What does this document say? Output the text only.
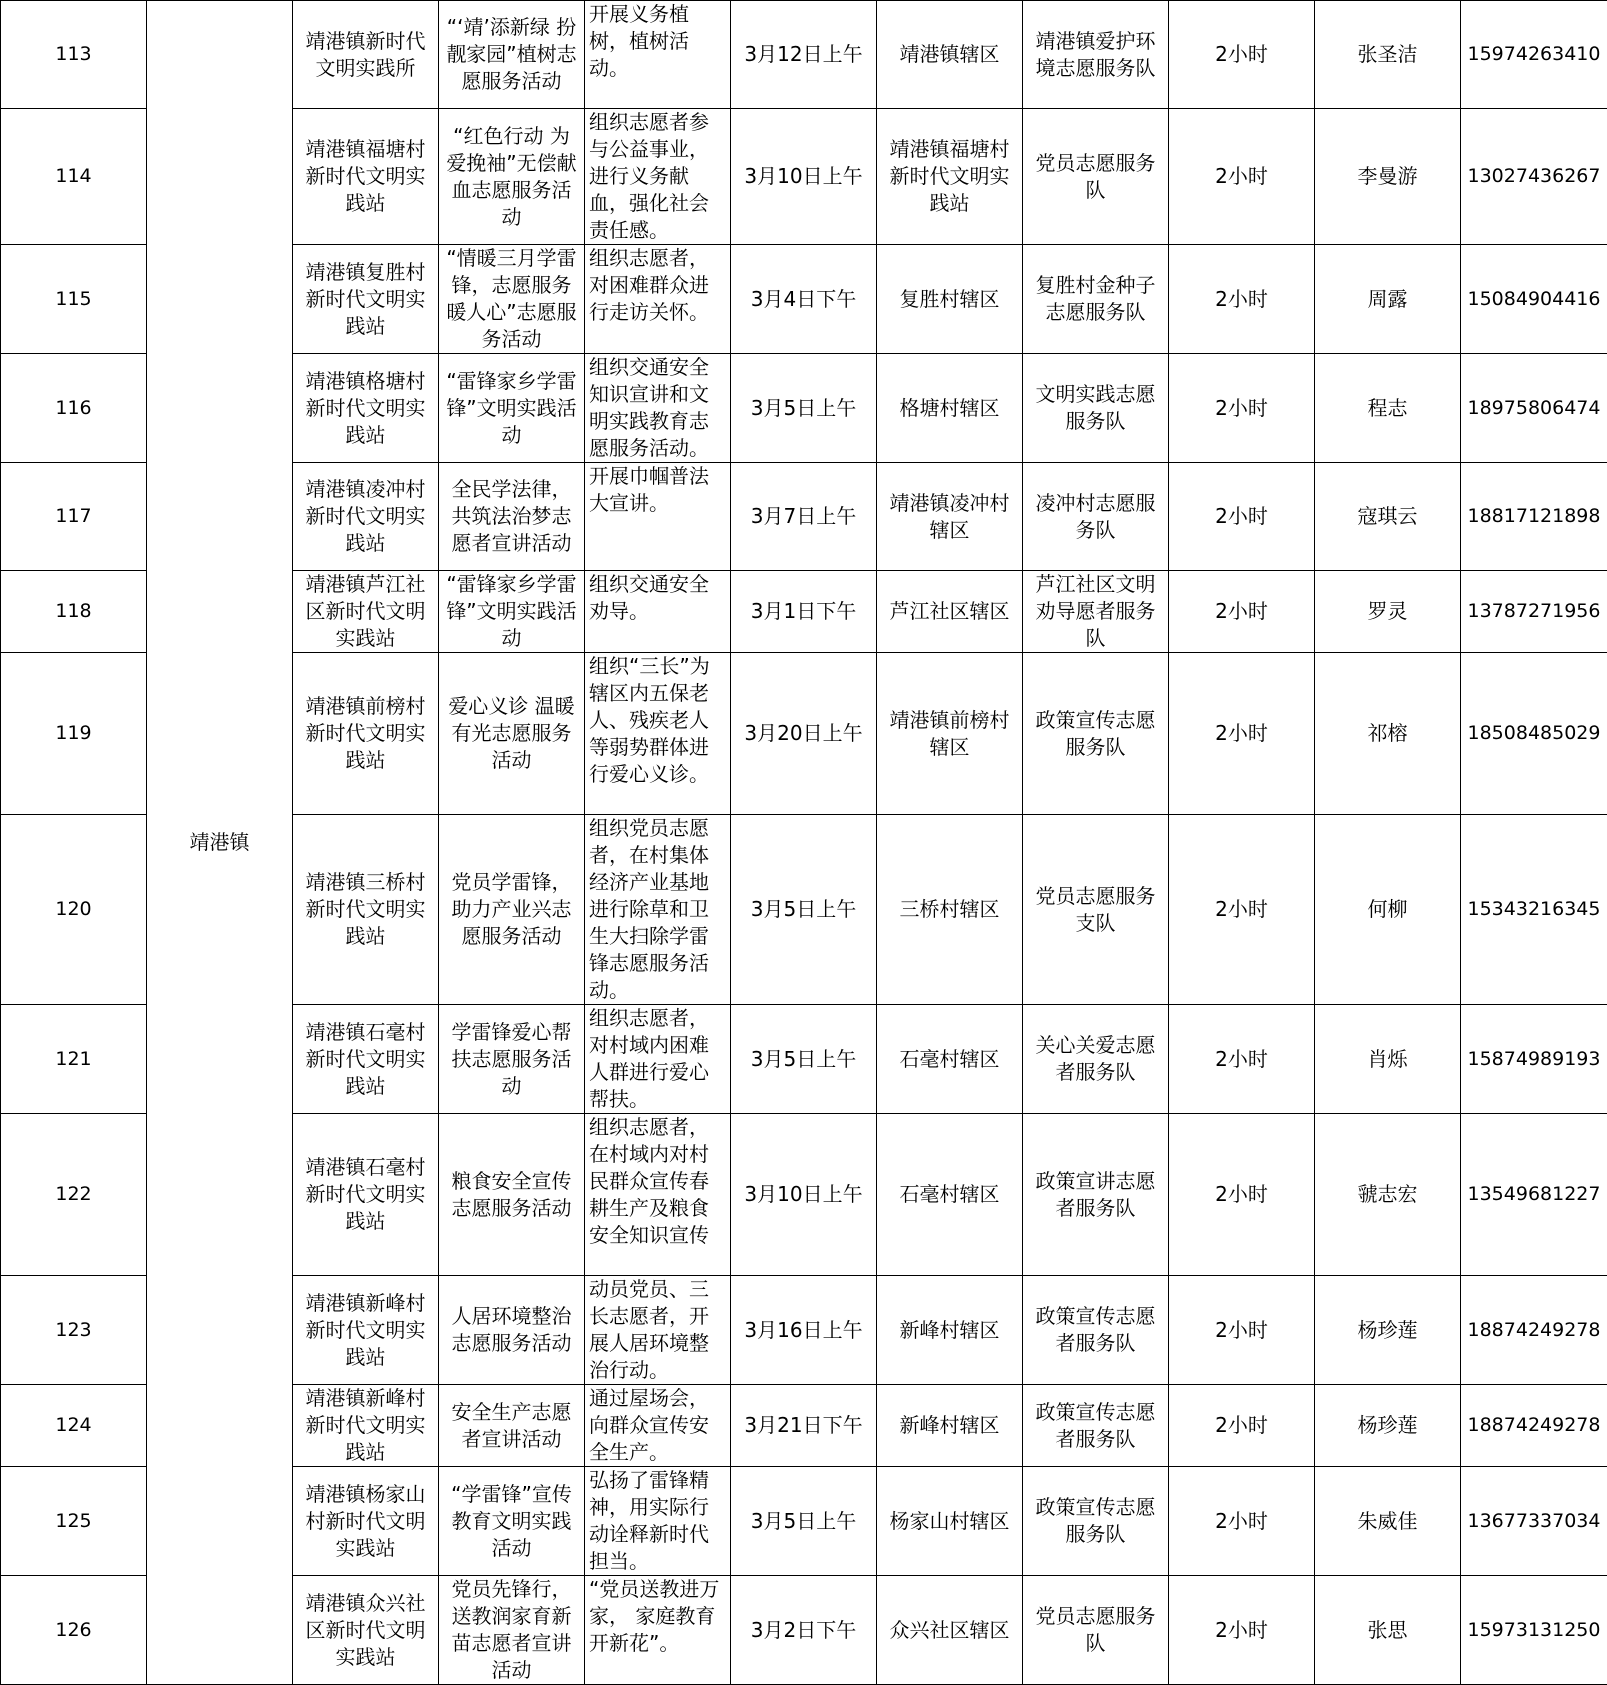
113	靖港镇	靖港镇新时代文明实践所	“‘靖’添新绿 扮靓家园”植树志愿服务活动	开展义务植树，植树活动。	3月12日上午	靖港镇辖区	靖港镇爱护环境志愿服务队	2小时	张圣洁	15974263410
114		靖港镇福塘村新时代文明实践站	“红色行动 为爱挽袖”无偿献血志愿服务活动	组织志愿者参与公益事业，进行义务献血，强化社会责任感。	3月10日上午	靖港镇福塘村新时代文明实践站	党员志愿服务队	2小时	李曼游	13027436267
115		靖港镇复胜村新时代文明实践站	“情暖三月学雷锋，志愿服务暖人心”志愿服务活动	组织志愿者，对困难群众进行走访关怀。	3月4日下午	复胜村辖区	复胜村金种子志愿服务队	2小时	周露	15084904416
116		靖港镇格塘村新时代文明实践站	“雷锋家乡学雷锋”文明实践活动	组织交通安全知识宣讲和文明实践教育志愿服务活动。	3月5日上午	格塘村辖区	文明实践志愿服务队	2小时	程志	18975806474
117		靖港镇凌冲村新时代文明实践站	全民学法律，共筑法治梦志愿者宣讲活动	开展巾帼普法大宣讲。	3月7日上午	靖港镇凌冲村辖区	凌冲村志愿服务队	2小时	寇琪云	18817121898
118		靖港镇芦江社区新时代文明实践站	“雷锋家乡学雷锋”文明实践活动	组织交通安全劝导。	3月1日下午	芦江社区辖区	芦江社区文明劝导愿者服务队	2小时	罗灵	13787271956
119		靖港镇前榜村新时代文明实践站	爱心义诊 温暖有光志愿服务活动	组织“三长”为辖区内五保老人、残疾老人等弱势群体进行爱心义诊。	3月20日上午	靖港镇前榜村辖区	政策宣传志愿服务队	2小时	祁榕	18508485029
120		靖港镇三桥村新时代文明实践站	党员学雷锋，助力产业兴志愿服务活动	组织党员志愿者，在村集体经济产业基地进行除草和卫生大扫除学雷锋志愿服务活动。	3月5日上午	三桥村辖区	党员志愿服务支队	2小时	何柳	15343216345
121		靖港镇石毫村新时代文明实践站	学雷锋爱心帮扶志愿服务活动	组织志愿者，对村域内困难人群进行爱心帮扶。	3月5日上午	石毫村辖区	关心关爱志愿者服务队	2小时	肖烁	15874989193
122		靖港镇石毫村新时代文明实践站	粮食安全宣传志愿服务活动	组织志愿者，在村域内对村民群众宣传春耕生产及粮食安全知识宣传	3月10日上午	石毫村辖区	政策宣讲志愿者服务队	2小时	虢志宏	13549681227
123		靖港镇新峰村新时代文明实践站	人居环境整治志愿服务活动	动员党员、三长志愿者，开展人居环境整治行动。	3月16日上午	新峰村辖区	政策宣传志愿者服务队	2小时	杨珍莲	18874249278
124		靖港镇新峰村新时代文明实践站	安全生产志愿者宣讲活动	通过屋场会，向群众宣传安全生产。	3月21日下午	新峰村辖区	政策宣传志愿者服务队	2小时	杨珍莲	18874249278
125		靖港镇杨家山村新时代文明实践站	“学雷锋”宣传教育文明实践活动	弘扬了雷锋精神，用实际行动诠释新时代担当。	3月5日上午	杨家山村辖区	政策宣传志愿服务队	2小时	朱威佳	13677337034
126		靖港镇众兴社区新时代文明实践站	党员先锋行，送教润家育新苗志愿者宣讲活动	“党员送教进万家， 家庭教育开新花”。	3月2日下午	众兴社区辖区	党员志愿服务队	2小时	张思	15973131250
